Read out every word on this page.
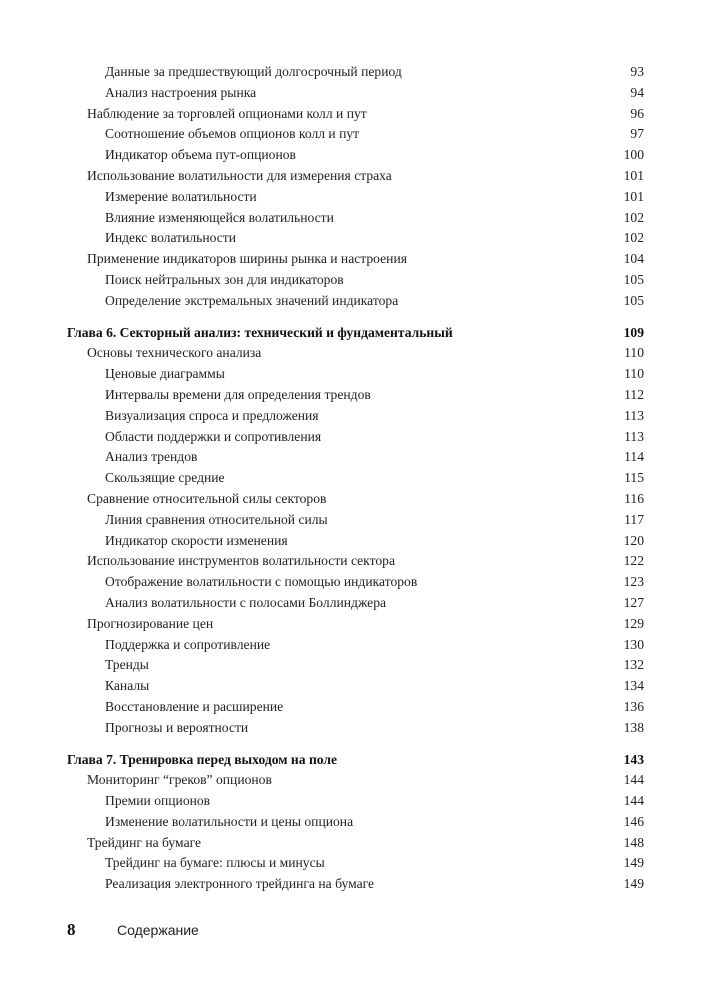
Данные за предшествующий долгосрочный период	93
Анализ настроения рынка	94
Наблюдение за торговлей опционами колл и пут	96
Соотношение объемов опционов колл и пут	97
Индикатор объема пут-опционов	100
Использование волатильности для измерения страха	101
Измерение волатильности	101
Влияние изменяющейся волатильности	102
Индекс волатильности	102
Применение индикаторов ширины рынка и настроения	104
Поиск нейтральных зон для индикаторов	105
Определение экстремальных значений индикатора	105
Глава 6. Секторный анализ: технический и фундаментальный	109
Основы технического анализа	110
Ценовые диаграммы	110
Интервалы времени для определения трендов	112
Визуализация спроса и предложения	113
Области поддержки и сопротивления	113
Анализ трендов	114
Скользящие средние	115
Сравнение относительной силы секторов	116
Линия сравнения относительной силы	117
Индикатор скорости изменения	120
Использование инструментов волатильности сектора	122
Отображение волатильности с помощью индикаторов	123
Анализ волатильности с полосами Боллинджера	127
Прогнозирование цен	129
Поддержка и сопротивление	130
Тренды	132
Каналы	134
Восстановление и расширение	136
Прогнозы и вероятности	138
Глава 7. Тренировка перед выходом на поле	143
Мониторинг “греков” опционов	144
Премии опционов	144
Изменение волатильности и цены опциона	146
Трейдинг на бумаге	148
Трейдинг на бумаге: плюсы и минусы	149
Реализация электронного трейдинга на бумаге	149
8	Содержание
